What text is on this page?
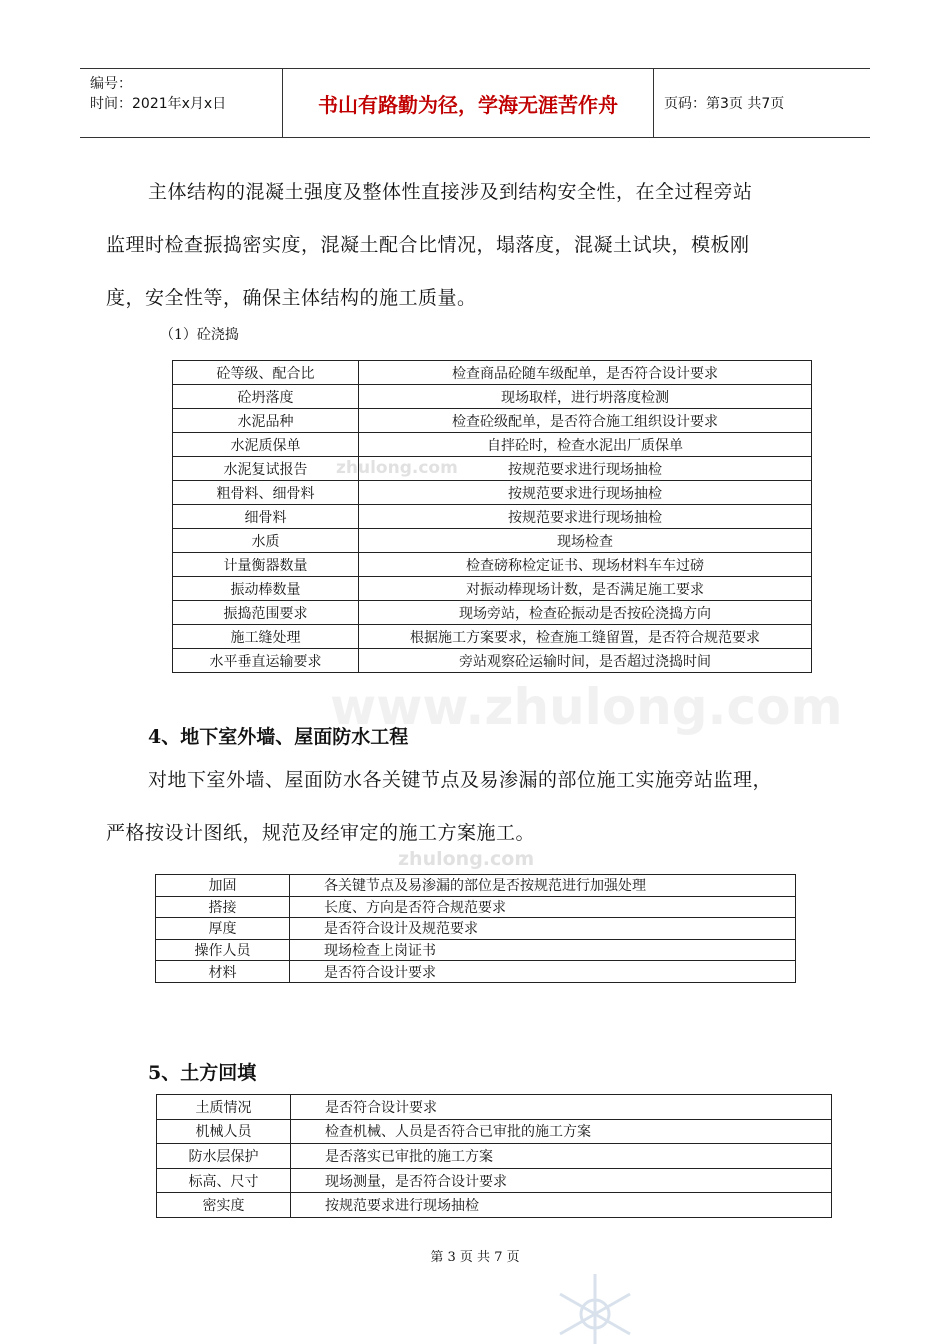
编号：
时间：2021年x月x日	书山有路勤为径，学海无涯苦作舟	页码：第3页 共7页
主体结构的混凝土强度及整体性直接涉及到结构安全性，在全过程旁站
监理时检查振捣密实度，混凝土配合比情况，塌落度，混凝土试块，模板刚
度，安全性等，确保主体结构的施工质量。
（1）砼浇捣
砼等级、配合比	检查商品砼随车级配单，是否符合设计要求
砼坍落度	现场取样，进行坍落度检测
水泥品种	检查砼级配单，是否符合施工组织设计要求
水泥质保单	自拌砼时，检查水泥出厂质保单
水泥复试报告	按规范要求进行现场抽检
粗骨料、细骨料	按规范要求进行现场抽检
细骨料	按规范要求进行现场抽检
水质	现场检查
计量衡器数量	检查磅称检定证书、现场材料车车过磅
振动棒数量	对振动棒现场计数，是否满足施工要求
振捣范围要求	现场旁站，检查砼振动是否按砼浇捣方向
施工缝处理	根据施工方案要求，检查施工缝留置，是否符合规范要求
水平垂直运输要求	旁站观察砼运输时间，是否超过浇捣时间
zhulong.com
www.zhulong.com
4、地下室外墙、屋面防水工程
对地下室外墙、屋面防水各关键节点及易渗漏的部位施工实施旁站监理，
严格按设计图纸，规范及经审定的施工方案施工。
zhulong.com
加固	各关键节点及易渗漏的部位是否按规范进行加强处理
搭接	长度、方向是否符合规范要求
厚度	是否符合设计及规范要求
操作人员	现场检查上岗证书
材料	是否符合设计要求
5、土方回填
土质情况	是否符合设计要求
机械人员	检查机械、人员是否符合已审批的施工方案
防水层保护	是否落实已审批的施工方案
标高、尺寸	现场测量，是否符合设计要求
密实度	按规范要求进行现场抽检
第 3 页 共 7 页
